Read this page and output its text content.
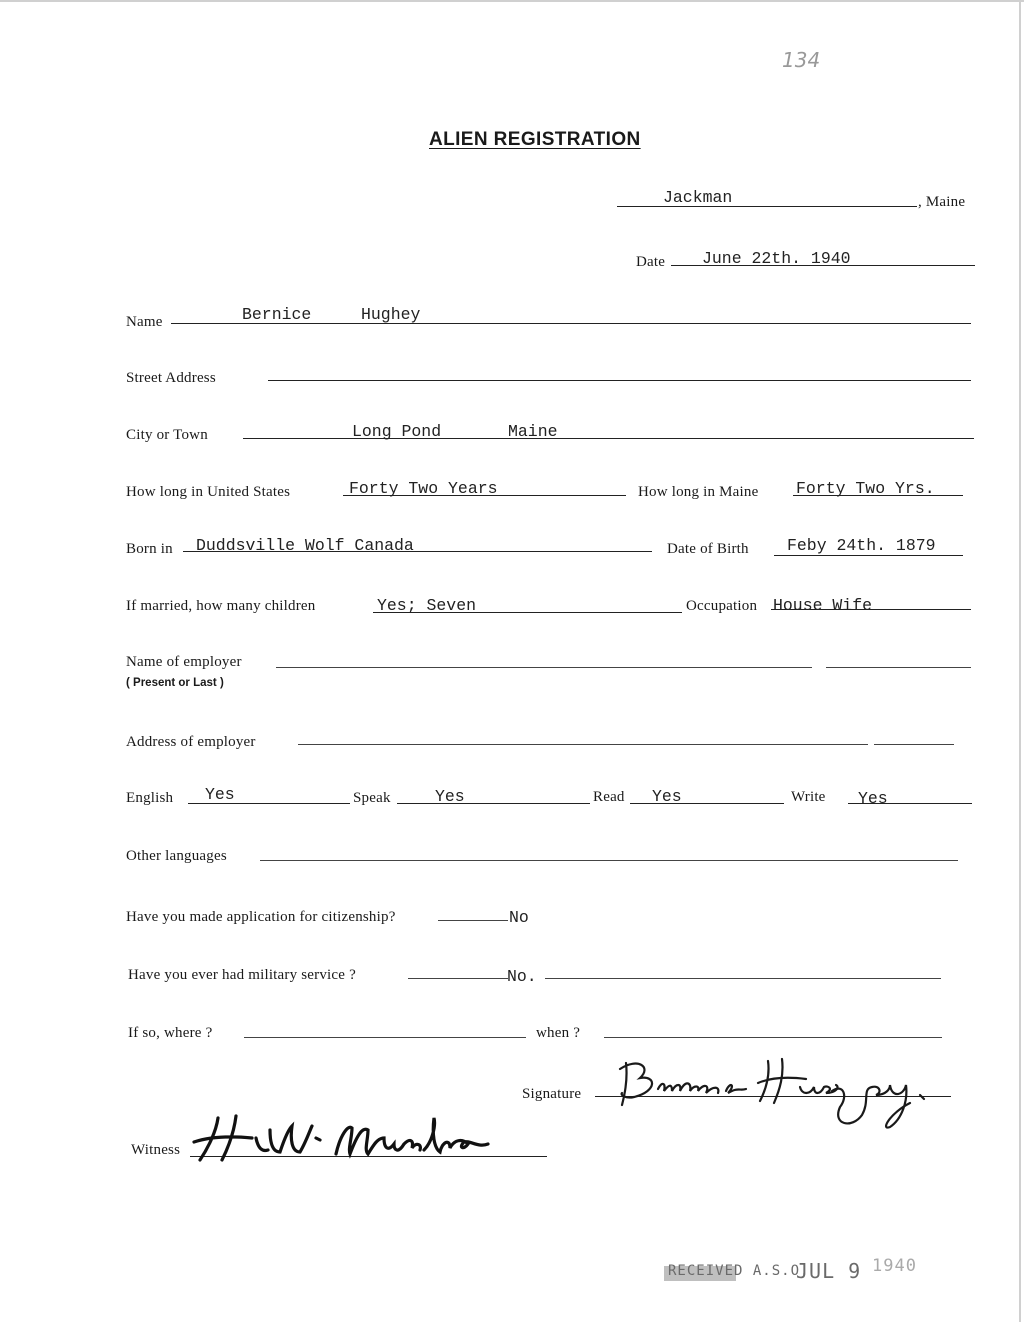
134
ALIEN REGISTRATION
Jackman	, Maine
Date June 22th. 1940
Name	Bernice	Hughey
Street Address
City or Town	Long Pond	Maine
How long in United States	Forty Two Years	How long in Maine Forty Two Yrs.
Born in Duddsville Wolf Canada	Date of Birth Feby 24th. 1879
If married, how many children	Yes; Seven	Occupation House Wife
Name of employer
( Present or Last )
Address of employer
English Yes	Speak	Yes	Read Yes	Write Yes
Other languages
Have you made application for citizenship?	No
Have you ever had military service ?	No.
If so, where ?	when ?
Signature
Witness
RECEIVED A.S.O.
JUL 9 1940
